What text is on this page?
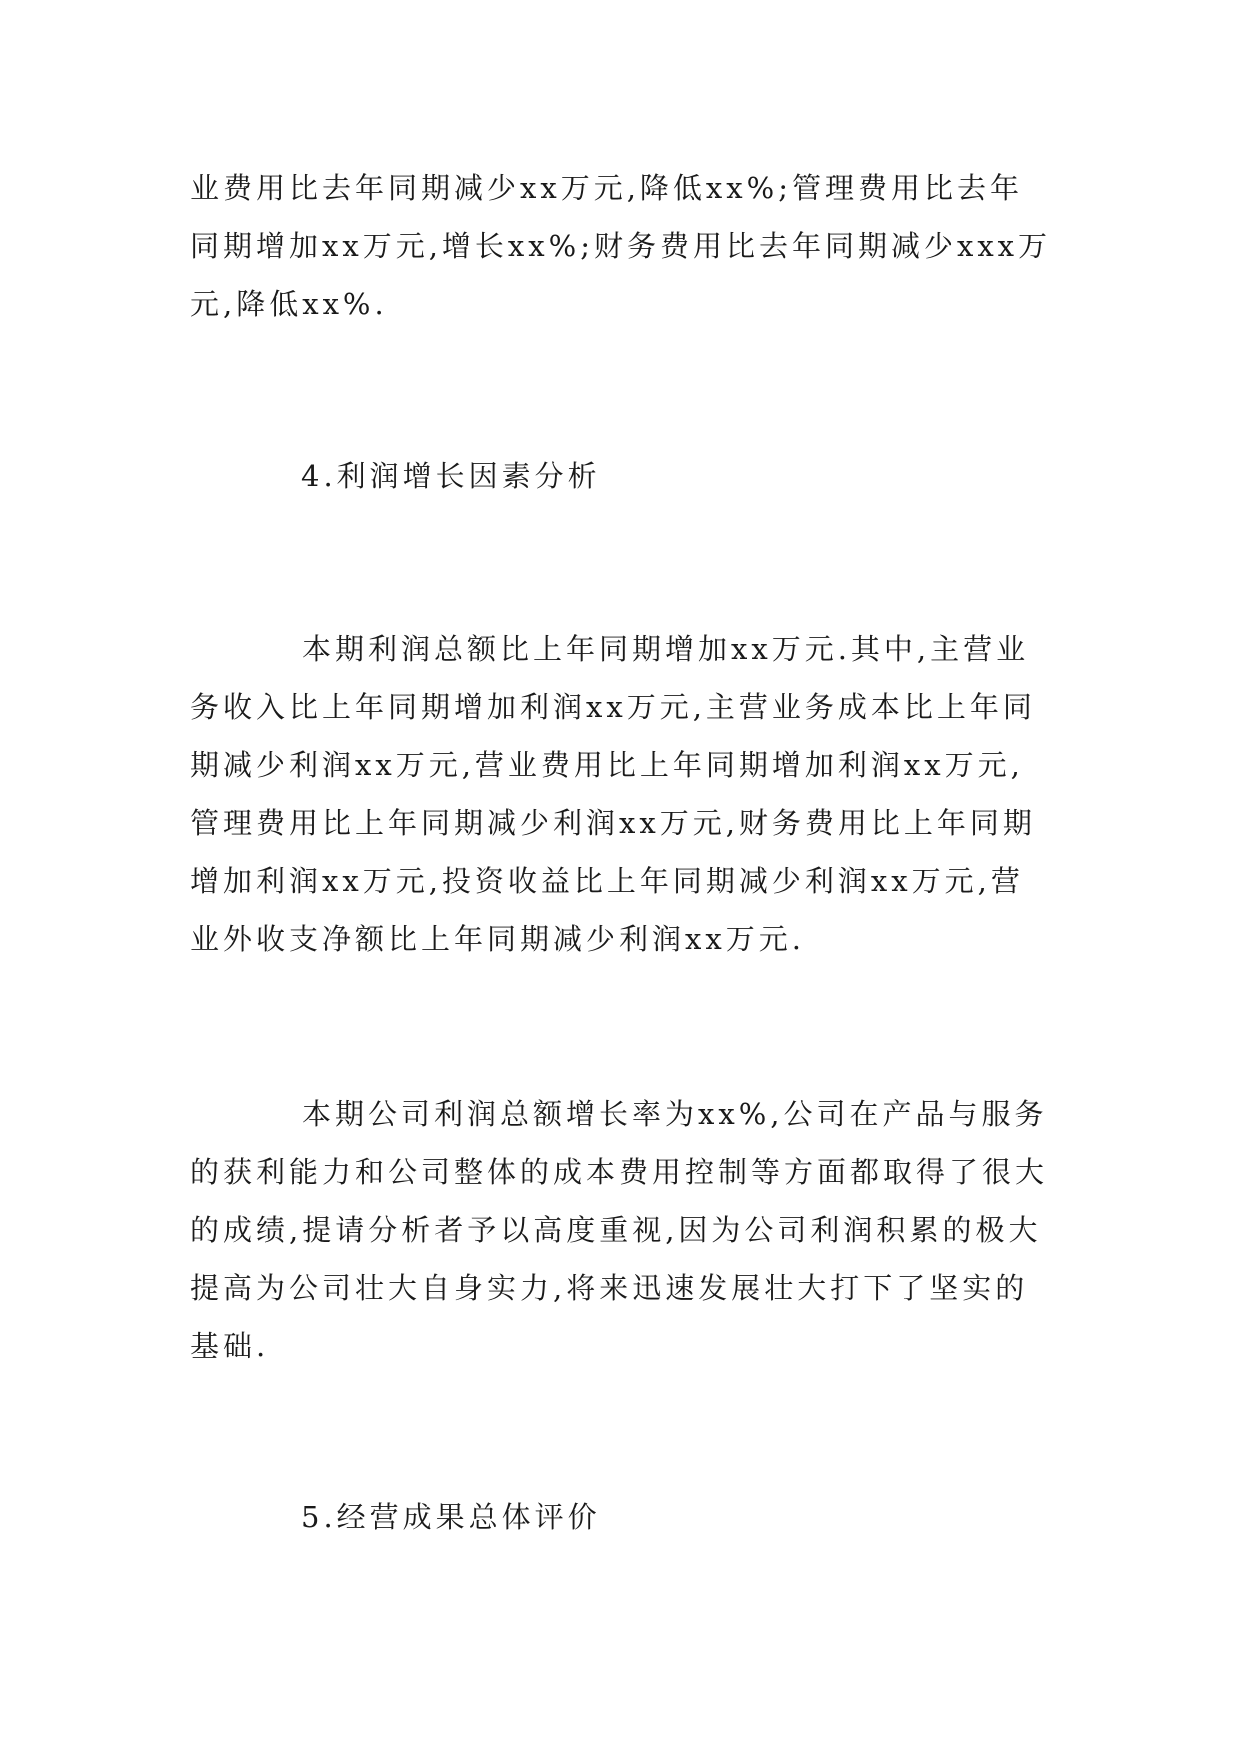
业费用比去年同期减少xx万元,降低xx%;管理费用比去年同期增加xx万元,增长xx%;财务费用比去年同期减少xxx万元,降低xx%.

4.利润增长因素分析

本期利润总额比上年同期增加xx万元.其中,主营业务收入比上年同期增加利润xx万元,主营业务成本比上年同期减少利润xx万元,营业费用比上年同期增加利润xx万元,管理费用比上年同期减少利润xx万元,财务费用比上年同期增加利润xx万元,投资收益比上年同期减少利润xx万元,营业外收支净额比上年同期减少利润xx万元.

本期公司利润总额增长率为xx%,公司在产品与服务的获利能力和公司整体的成本费用控制等方面都取得了很大的成绩,提请分析者予以高度重视,因为公司利润积累的极大提高为公司壮大自身实力,将来迅速发展壮大打下了坚实的基础.

5.经营成果总体评价
